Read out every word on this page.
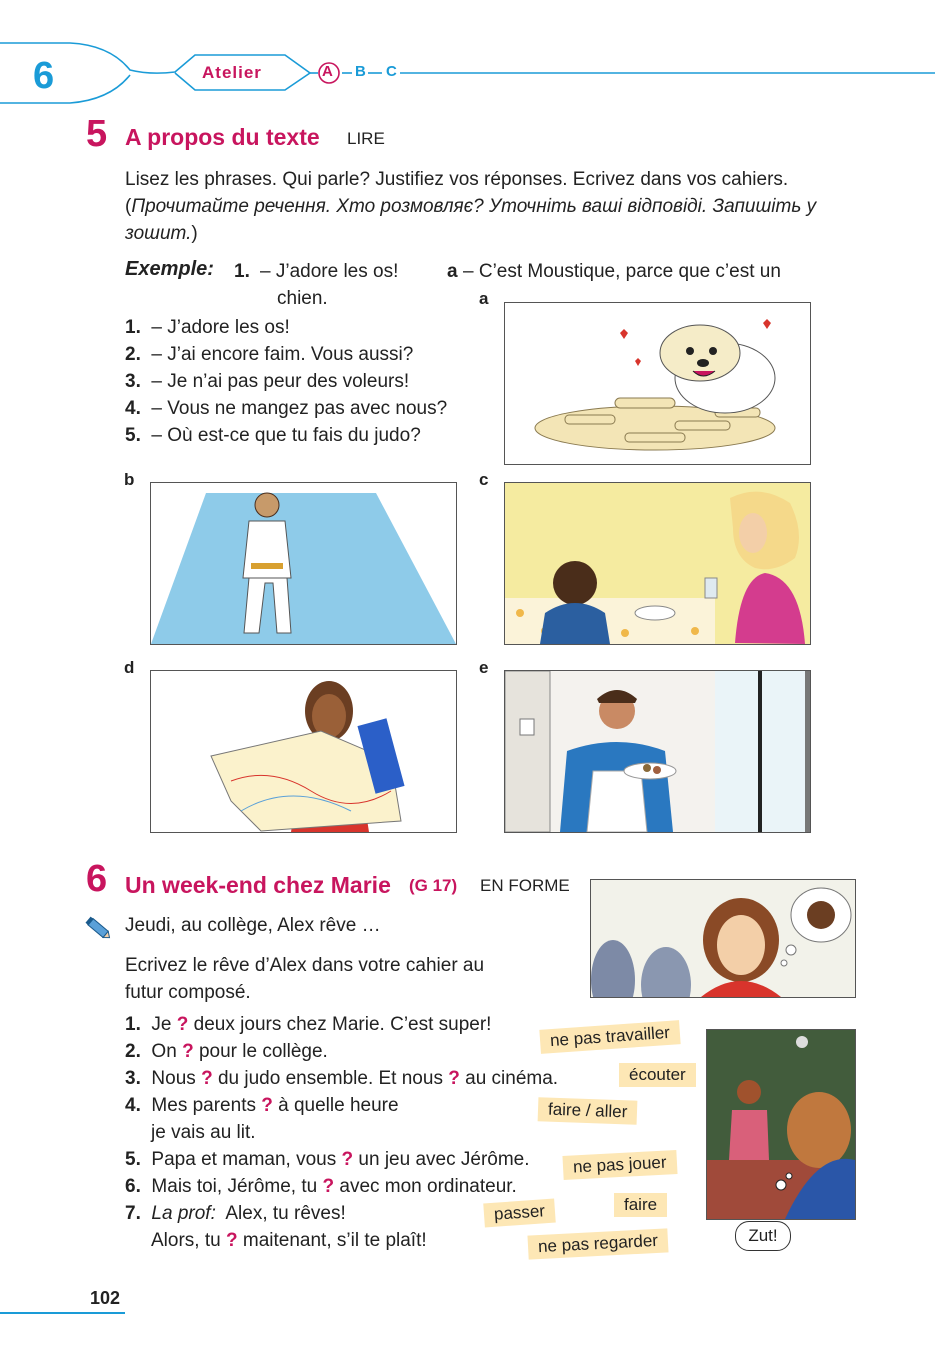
6	Atelier	A B C
5 A propos du texte LIRE
Lisez les phrases. Qui parle? Justifiez vos réponses. Ecrivez dans vos cahiers.
(Прочитайте речення. Хто розмовляє? Уточніть ваші відповіді. Запишіть у зошит.)
Exemple: 1. – J’adore les os!	a – C’est Moustique, parce que c’est un
chien.
1. – J’adore les os!
2. – J’ai encore faim. Vous aussi?
3. – Je n’ai pas peur des voleurs!
4. – Vous ne mangez pas avec nous?
5. – Où est-ce que tu fais du judo?
a
b	c
d	e
6 Un week-end chez Marie (G 17) EN FORME
Jeudi, au collège, Alex rêve …
Ecrivez le rêve d’Alex dans votre cahier au
futur composé.
1. Je ? deux jours chez Marie. C’est super!
2. On ? pour le collège.
3. Nous ? du judo ensemble. Et nous ? au cinéma.
4. Mes parents ? à quelle heure
je vais au lit.
5. Papa et maman, vous ? un jeu avec Jérôme.
6. Mais toi, Jérôme, tu ? avec mon ordinateur.
7. La prof: Alex, tu rêves!
Alors, tu ? maitenant, s’il te plaît!
ne pas travailler
écouter
faire / aller
ne pas jouer
faire
passer
ne pas regarder	Zut!
102
